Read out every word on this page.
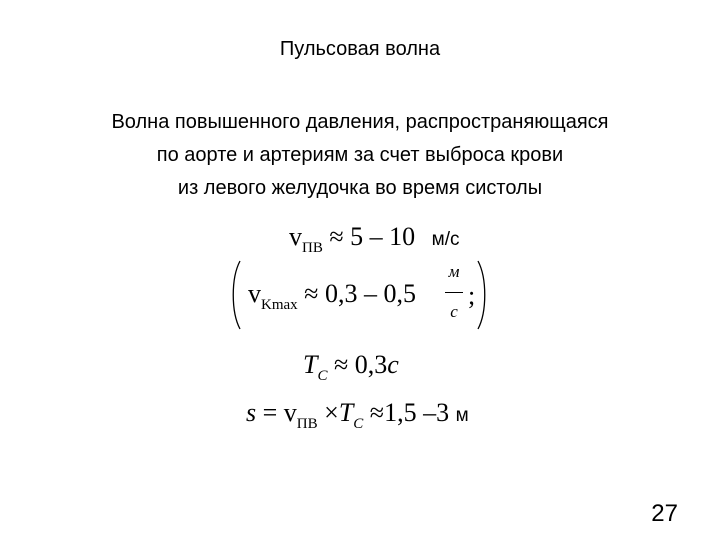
Пульсовая волна
Волна повышенного давления, распространяющаяся
по аорте и артериям за счет выброса крови
из левого желудочка во время систолы
$v_{ПВ} \approx 5 - 10$ м/с
$v_{Kmax} \approx 0,3 - 0,5$
м
с
;
$T_C \approx 0,3с$
$s = v_{ПВ} \times T_C \approx 1,5$ –3 м
27
